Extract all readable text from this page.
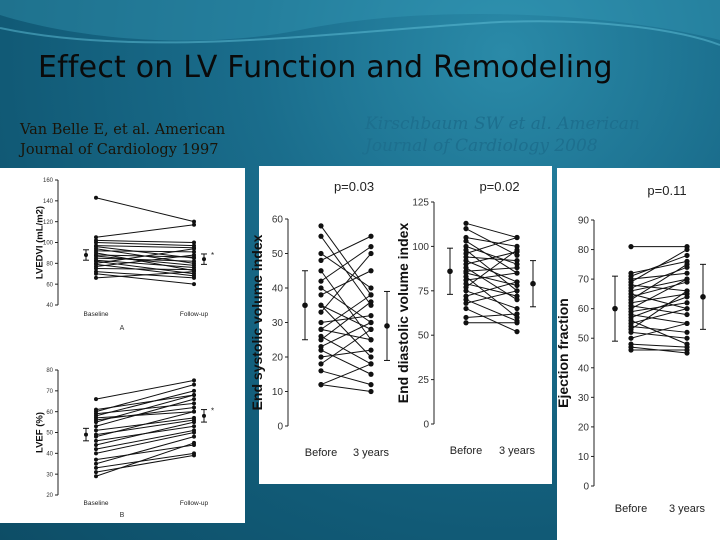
Effect on LV Function and Remodeling
Van Belle E, et al. American Journal of Cardiology 1997
Kirschbaum SW et al. American Journal of Cardiology 2008
40
60
80
100
120
140
160
LVEDVI (mL/m2)
Baseline	Follow-up
A
*
20
30
40
50
60
70
80
LVEF (%)
Baseline	Follow-up
B
*
0
10
20
30
40
50
60
End systolic volume index
Before 3 years
p=0.03
0
25
50
75
100
125
End diastolic volume index
Before 3 years
p=0.02
0
10
20
30
40
50
60
70
80
90
Ejection fraction
Before 3 years
p=0.11
